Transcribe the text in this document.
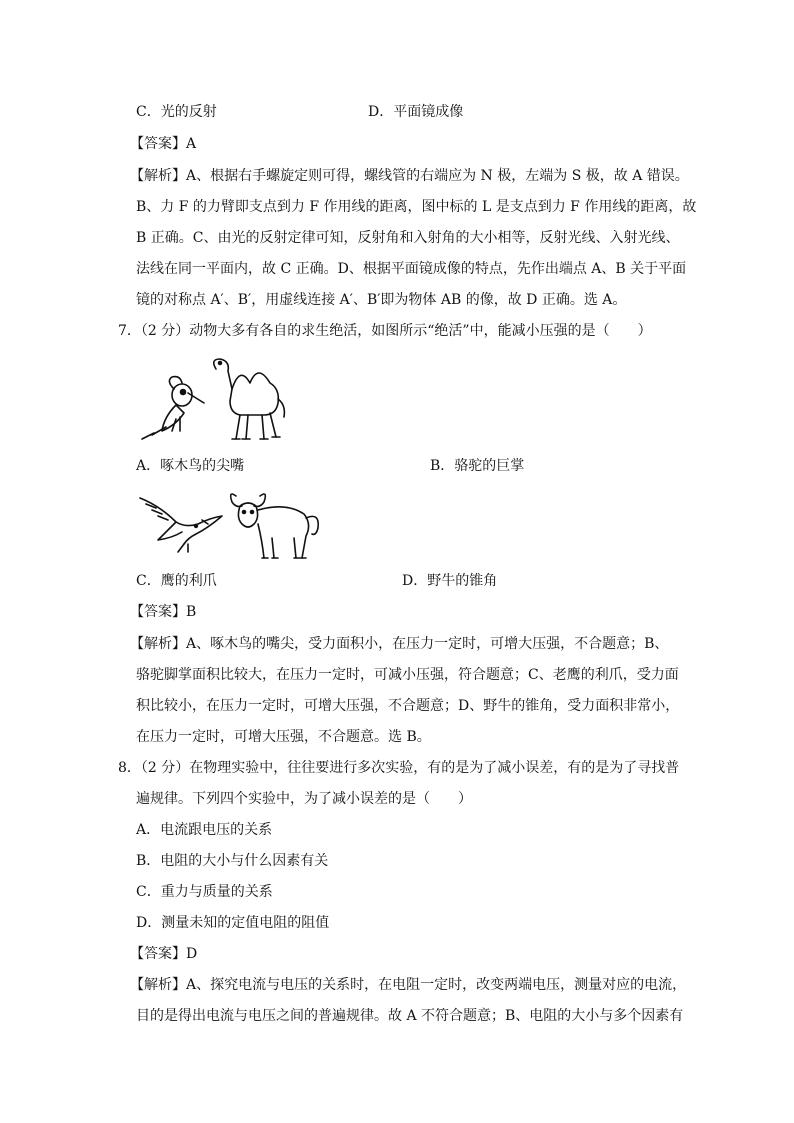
C．光的反射	D．平面镜成像
【答案】A
【解析】A、根据右手螺旋定则可得，螺线管的右端应为 N 极，左端为 S 极，故 A 错误。
B、力 F 的力臂即支点到力 F 作用线的距离，图中标的 L 是支点到力 F 作用线的距离，故
B 正确。C、由光的反射定律可知，反射角和入射角的大小相等，反射光线、入射光线、
法线在同一平面内，故 C 正确。D、根据平面镜成像的特点，先作出端点 A、B 关于平面
镜的对称点 A′、B′，用虚线连接 A′、B′即为物体 AB 的像，故 D 正确。选 A。
7．（2 分）动物大多有各自的求生绝活，如图所示“绝活”中，能减小压强的是（　　）
A．啄木鸟的尖嘴	B．骆驼的巨掌
C．鹰的利爪	D．野牛的锥角
【答案】B
【解析】A、啄木鸟的嘴尖，受力面积小，在压力一定时，可增大压强，不合题意；B、
骆驼脚掌面积比较大，在压力一定时，可减小压强，符合题意；C、老鹰的利爪，受力面
积比较小，在压力一定时，可增大压强，不合题意；D、野牛的锥角，受力面积非常小，
在压力一定时，可增大压强，不合题意。选 B。
8．（2 分）在物理实验中，往往要进行多次实验，有的是为了减小误差，有的是为了寻找普
遍规律。下列四个实验中，为了减小误差的是（　　）
A．电流跟电压的关系
B．电阻的大小与什么因素有关
C．重力与质量的关系
D．测量未知的定值电阻的阻值
【答案】D
【解析】A、探究电流与电压的关系时，在电阻一定时，改变两端电压，测量对应的电流，
目的是得出电流与电压之间的普遍规律。故 A 不符合题意；B、电阻的大小与多个因素有
